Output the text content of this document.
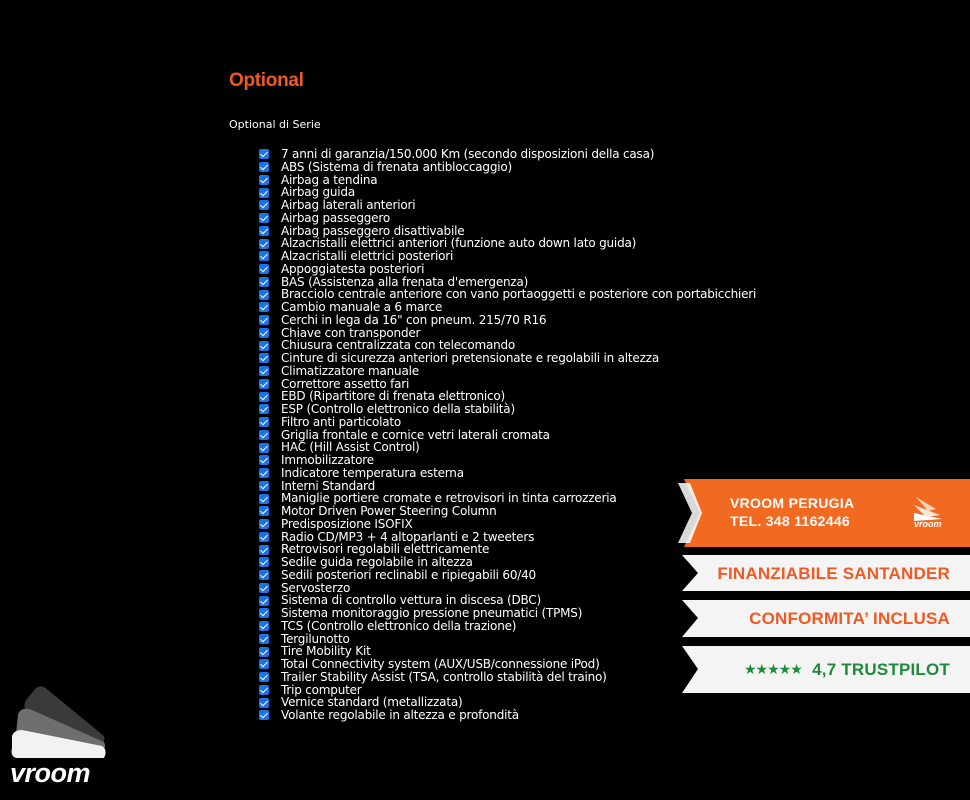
Optional
Optional di Serie
7 anni di garanzia/150.000 Km (secondo disposizioni della casa)
ABS (Sistema di frenata antibloccaggio)
Airbag a tendina
Airbag guida
Airbag laterali anteriori
Airbag passeggero
Airbag passeggero disattivabile
Alzacristalli elettrici anteriori (funzione auto down lato guida)
Alzacristalli elettrici posteriori
Appoggiatesta posteriori
BAS (Assistenza alla frenata d'emergenza)
Bracciolo centrale anteriore con vano portaoggetti e posteriore con portabicchieri
Cambio manuale a 6 marce
Cerchi in lega da 16" con pneum. 215/70 R16
Chiave con transponder
Chiusura centralizzata con telecomando
Cinture di sicurezza anteriori pretensionate e regolabili in altezza
Climatizzatore manuale
Correttore assetto fari
EBD (Ripartitore di frenata elettronico)
ESP (Controllo elettronico della stabilità)
Filtro anti particolato
Griglia frontale e cornice vetri laterali cromata
HAC (Hill Assist Control)
Immobilizzatore
Indicatore temperatura esterna
Interni Standard
Maniglie portiere cromate e retrovisori in tinta carrozzeria
Motor Driven Power Steering Column
Predisposizione ISOFIX
Radio CD/MP3 + 4 altoparlanti e 2 tweeters
Retrovisori regolabili elettricamente
Sedile guida regolabile in altezza
Sedili posteriori reclinabil e ripiegabili 60/40
Servosterzo
Sistema di controllo vettura in discesa (DBC)
Sistema monitoraggio pressione pneumatici (TPMS)
TCS (Controllo elettronico della trazione)
Tergilunotto
Tire Mobility Kit
Total Connectivity system (AUX/USB/connessione iPod)
Trailer Stability Assist (TSA, controllo stabilità del traino)
Trip computer
Vernice standard (metallizzata)
Volante regolabile in altezza e profondità
VROOM PERUGIA
TEL. 348 1162446	vroom
FINANZIABILE SANTANDER
CONFORMITA’ INCLUSA
★★★★★ 4,7 TRUSTPILOT
vroom
